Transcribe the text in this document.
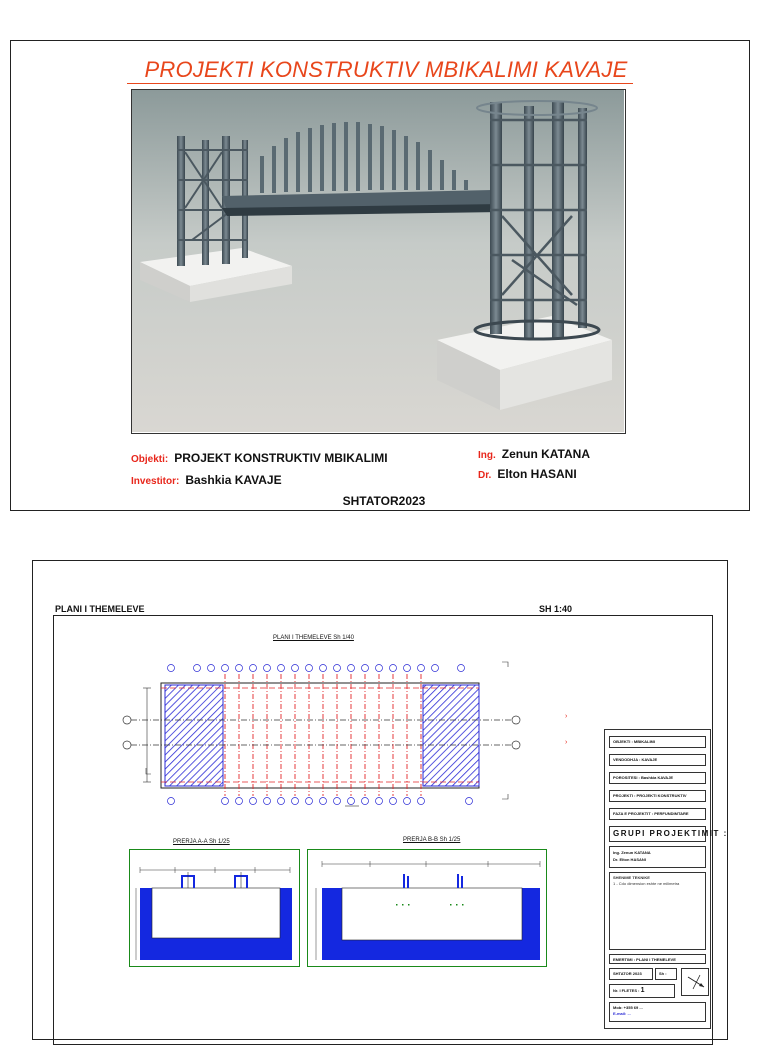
PROJEKTI KONSTRUKTIV MBIKALIMI KAVAJE
Objekti: PROJEKT KONSTRUKTIV MBIKALIMI
Investitor: Bashkia KAVAJE
Ing. Zenun KATANA
Dr. Elton HASANI
SHTATOR2023
PLANI I THEMELEVE	SH 1:40
PLANI I THEMELEVE Sh 1/40
›
›
PRERJA A-A Sh 1/25	PRERJA B-B Sh 1/25
OBJEKTI : MBIKALIMI
VENDODHJA : KAVAJE
POROSITESI : Bashkia KAVAJE
PROJEKTI : PROJEKTI KONSTRUKTIV
FAZA E PROJEKTIT : PERFUNDIMTARE
GRUPI PROJEKTIMIT :
Ing. Zenun KATANA
Dr. Elton HASANI
SHENIME TEKNIKE
1 - Cdo dimension eshte ne milimetra
EMERTIMI : PLANI I THEMELEVE
SHTATOR 2023	Sh :
Nr. I FLETES : 1
Mob: +355 69 ...
E-mail: ...
